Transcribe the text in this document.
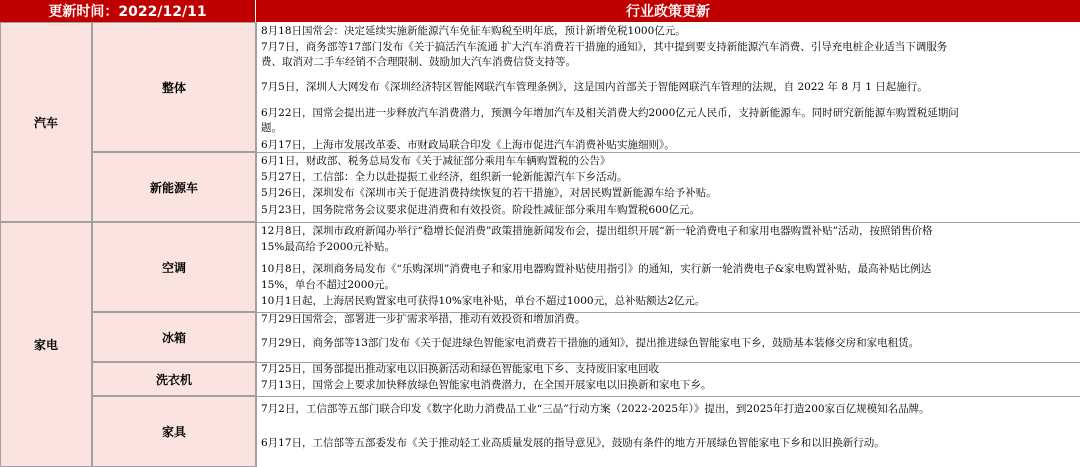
更新时间：2022/12/11	行业政策更新
汽车
家电
整体
新能源车
空调
冰箱
洗衣机
家具
8月18日国常会：决定延续实施新能源汽车免征车购税至明年底，预计新增免税1000亿元。
7月7日，商务部等17部门发布《关于搞活汽车流通 扩大汽车消费若干措施的通知》，其中提到要支持新能源汽车消费、引导充电桩企业适当下调服务
费、取消对二手车经销不合理限制、鼓励加大汽车消费信贷支持等。
7月5日，深圳人大网发布《深圳经济特区智能网联汽车管理条例》，这是国内首部关于智能网联汽车管理的法规，自 2022 年 8 月 1 日起施行。
6月22日，国常会提出进一步释放汽车消费潜力，预测今年增加汽车及相关消费大约2000亿元人民币，支持新能源车。同时研究新能源车购置税延期问
题。
6月17日，上海市发展改革委、市财政局联合印发《上海市促进汽车消费补贴实施细则》。
6月1日，财政部、税务总局发布《关于减征部分乘用车车辆购置税的公告》
5月27日，工信部：全力以赴提振工业经济，组织新一轮新能源汽车下乡活动。
5月26日，深圳发布《深圳市关于促进消费持续恢复的若干措施》，对居民购置新能源车给予补贴。
5月23日，国务院常务会议要求促进消费和有效投资。阶段性减征部分乘用车购置税600亿元。
12月8日，深圳市政府新闻办举行“稳增长促消费”政策措施新闻发布会，提出组织开展“新一轮消费电子和家用电器购置补贴”活动，按照销售价格
15%最高给予2000元补贴。
10月8日，深圳商务局发布《“乐购深圳”消费电子和家用电器购置补贴使用指引》的通知，实行新一轮消费电子&家电购置补贴，最高补贴比例达
15%，单台不超过2000元。
10月1日起，上海居民购置家电可获得10%家电补贴，单台不超过1000元，总补贴额达2亿元。
7月29日国常会，部署进一步扩需求举措，推动有效投资和增加消费。
7月29日，商务部等13部门发布《关于促进绿色智能家电消费若干措施的通知》，提出推进绿色智能家电下乡，鼓励基本装修交房和家电租赁。
7月25日，国务部提出推动家电以旧换新活动和绿色智能家电下乡、支持废旧家电回收
7月13日，国常会上要求加快释放绿色智能家电消费潜力，在全国开展家电以旧换新和家电下乡。
7月2日，工信部等五部门联合印发《数字化助力消费品工业“三品”行动方案（2022-2025年）》提出，到2025年打造200家百亿规模知名品牌。
6月17日，工信部等五部委发布《关于推动轻工业高质量发展的指导意见》，鼓励有条件的地方开展绿色智能家电下乡和以旧换新行动。
